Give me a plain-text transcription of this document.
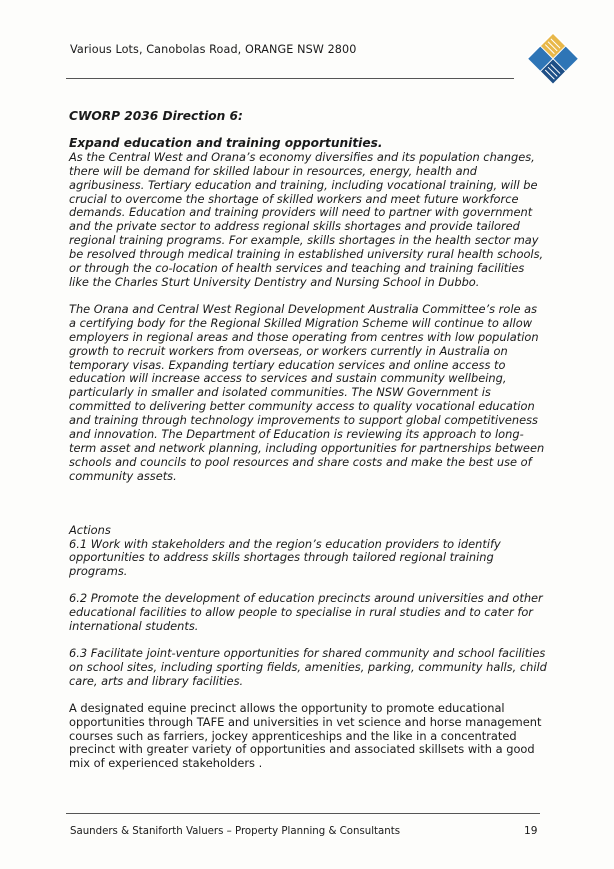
Various Lots, Canobolas Road, ORANGE NSW 2800

CWORP 2036 Direction 6:

Expand education and training opportunities.

As the Central West and Orana’s economy diversifies and its population changes, there will be demand for skilled labour in resources, energy, health and agribusiness. Tertiary education and training, including vocational training, will be crucial to overcome the shortage of skilled workers and meet future workforce demands. Education and training providers will need to partner with government and the private sector to address regional skills shortages and provide tailored regional training programs. For example, skills shortages in the health sector may be resolved through medical training in established university rural health schools, or through the co-location of health services and teaching and training facilities like the Charles Sturt University Dentistry and Nursing School in Dubbo.

The Orana and Central West Regional Development Australia Committee’s role as a certifying body for the Regional Skilled Migration Scheme will continue to allow employers in regional areas and those operating from centres with low population growth to recruit workers from overseas, or workers currently in Australia on temporary visas. Expanding tertiary education services and online access to education will increase access to services and sustain community wellbeing, particularly in smaller and isolated communities. The NSW Government is committed to delivering better community access to quality vocational education and training through technology improvements to support global competitiveness and innovation. The Department of Education is reviewing its approach to long-term asset and network planning, including opportunities for partnerships between schools and councils to pool resources and share costs and make the best use of community assets.

Actions

6.1 Work with stakeholders and the region’s education providers to identify opportunities to address skills shortages through tailored regional training programs.

6.2 Promote the development of education precincts around universities and other educational facilities to allow people to specialise in rural studies and to cater for international students.

6.3 Facilitate joint-venture opportunities for shared community and school facilities on school sites, including sporting fields, amenities, parking, community halls, child care, arts and library facilities.

A designated equine precinct allows the opportunity to promote educational opportunities through TAFE and universities in vet science and horse management courses such as farriers, jockey apprenticeships and the like in a concentrated precinct with greater variety of opportunities and associated skillsets with a good mix of experienced stakeholders .

Saunders & Staniforth Valuers – Property Planning & Consultants	19
